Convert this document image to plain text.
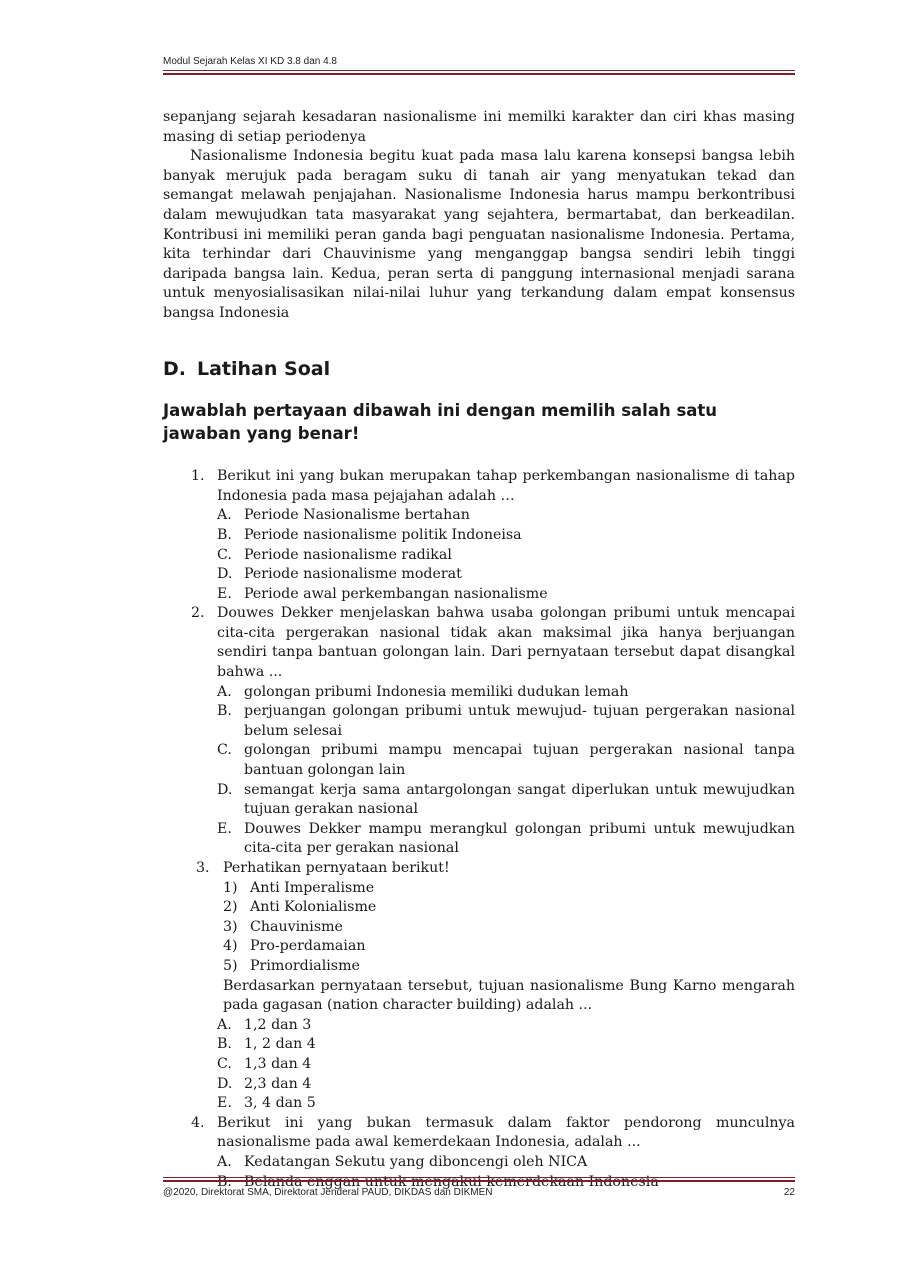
Modul Sejarah Kelas XI KD 3.8 dan 4.8

sepanjang sejarah kesadaran nasionalisme ini memilki karakter dan ciri khas masing masing di setiap periodenya

Nasionalisme Indonesia begitu kuat pada masa lalu karena konsepsi bangsa lebih banyak merujuk pada beragam suku di tanah air yang menyatukan tekad dan semangat melawah penjajahan. Nasionalisme Indonesia harus mampu berkontribusi dalam mewujudkan tata masyarakat yang sejahtera, bermartabat, dan berkeadilan. Kontribusi ini memiliki peran ganda bagi penguatan nasionalisme Indonesia. Pertama, kita terhindar dari Chauvinisme yang menganggap bangsa sendiri lebih tinggi daripada bangsa lain. Kedua, peran serta di panggung internasional menjadi sarana untuk menyosialisasikan nilai-nilai luhur yang terkandung dalam empat konsensus bangsa Indonesia

D. Latihan Soal
Jawablah pertayaan dibawah ini dengan memilih salah satu jawaban yang benar!
1. Berikut ini yang bukan merupakan tahap perkembangan nasionalisme di tahap Indonesia pada masa pejajahan adalah …
A. Periode Nasionalisme bertahan
B. Periode nasionalisme politik Indoneisa
C. Periode nasionalisme radikal
D. Periode nasionalisme moderat
E. Periode awal perkembangan nasionalisme
2. Douwes Dekker menjelaskan bahwa usaba golongan pribumi untuk mencapai cita-cita pergerakan nasional tidak akan maksimal jika hanya berjuangan sendiri tanpa bantuan golongan lain. Dari pernyataan tersebut dapat disangkal bahwa ...
A. golongan pribumi Indonesia memiliki dudukan lemah
B. perjuangan golongan pribumi untuk mewujud- tujuan pergerakan nasional belum selesai
C. golongan pribumi mampu mencapai tujuan pergerakan nasional tanpa bantuan golongan lain
D. semangat kerja sama antargolongan sangat diperlukan untuk mewujudkan tujuan gerakan nasional
E. Douwes Dekker mampu merangkul golongan pribumi untuk mewujudkan cita-cita per gerakan nasional
3. Perhatikan pernyataan berikut!
1) Anti Imperalisme
2) Anti Kolonialisme
3) Chauvinisme
4) Pro-perdamaian
5) Primordialisme
Berdasarkan pernyataan tersebut, tujuan nasionalisme Bung Karno mengarah pada gagasan (nation character building) adalah ...
A. 1,2 dan 3
B. 1, 2 dan 4
C. 1,3 dan 4
D. 2,3 dan 4
E. 3, 4 dan 5
4. Berikut ini yang bukan termasuk dalam faktor pendorong munculnya nasionalisme pada awal kemerdekaan Indonesia, adalah ...
A. Kedatangan Sekutu yang diboncengi oleh NICA
B. Belanda enggan untuk mengakui kemerdekaan Indonesia
@2020, Direktorat SMA, Direktorat Jenderal PAUD, DIKDAS dan DIKMEN	22
